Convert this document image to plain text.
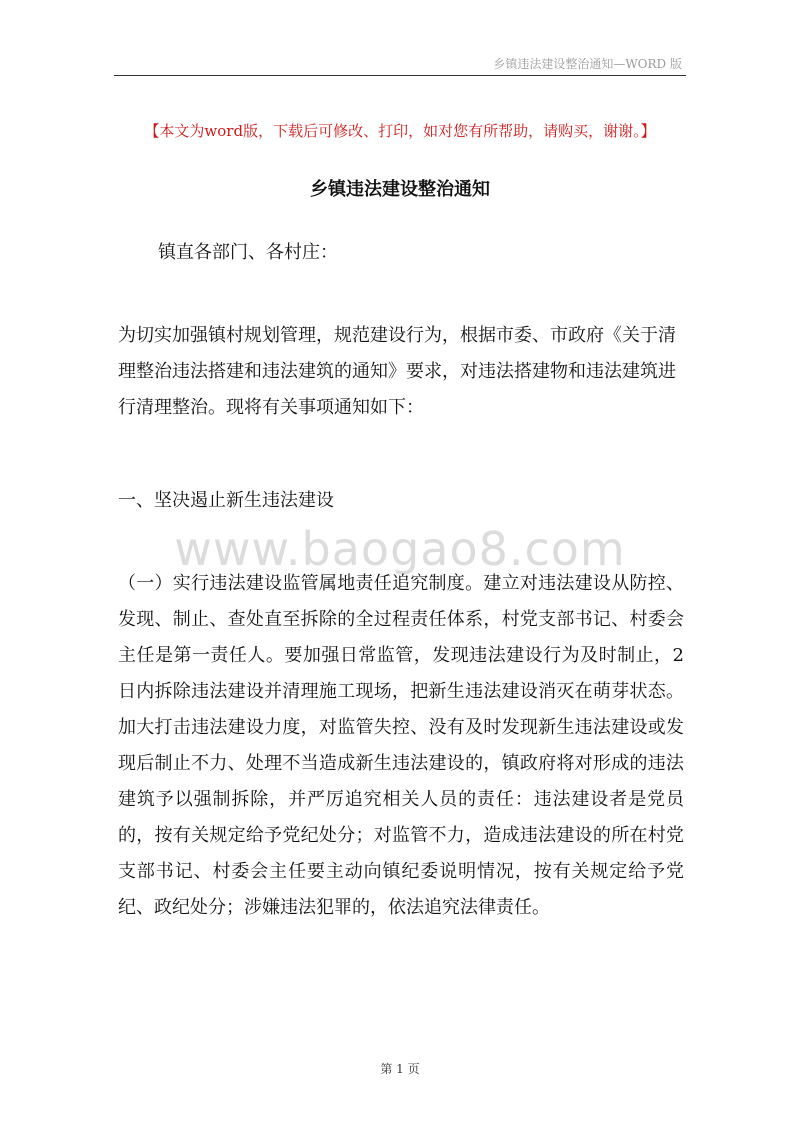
乡镇违法建设整治通知—WORD 版
【本文为word版，下载后可修改、打印，如对您有所帮助，请购买，谢谢。】
乡镇违法建设整治通知

镇直各部门、各村庄：

为切实加强镇村规划管理，规范建设行为，根据市委、市政府《关于清理整治违法搭建和违法建筑的通知》要求，对违法搭建物和违法建筑进行清理整治。现将有关事项通知如下：

一、坚决遏止新生违法建设

www.baogao8.com

（一）实行违法建设监管属地责任追究制度。建立对违法建设从防控、发现、制止、查处直至拆除的全过程责任体系，村党支部书记、村委会主任是第一责任人。要加强日常监管，发现违法建设行为及时制止，2日内拆除违法建设并清理施工现场，把新生违法建设消灭在萌芽状态。加大打击违法建设力度，对监管失控、没有及时发现新生违法建设或发现后制止不力、处理不当造成新生违法建设的，镇政府将对形成的违法建筑予以强制拆除，并严厉追究相关人员的责任：违法建设者是党员的，按有关规定给予党纪处分；对监管不力，造成违法建设的所在村党支部书记、村委会主任要主动向镇纪委说明情况，按有关规定给予党纪、政纪处分；涉嫌违法犯罪的，依法追究法律责任。

第 1 页
